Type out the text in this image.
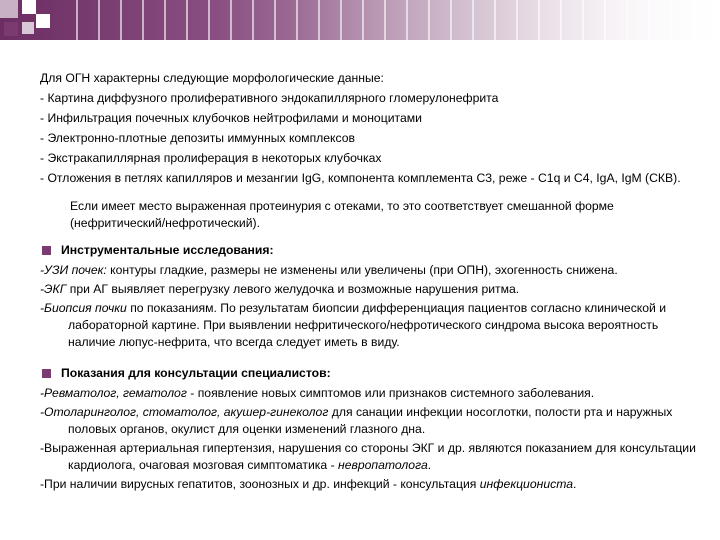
Для ОГН характерны следующие морфологические данные:
- Картина диффузного пролиферативного эндокапиллярного гломерулонефрита
- Инфильтрация почечных клубочков нейтрофилами и моноцитами
- Электронно-плотные депозиты иммунных комплексов
- Экстракапиллярная пролиферация в некоторых клубочках
- Отложения в петлях капилляров и мезангии IgG, компонента комплемента С3, реже - С1q и С4, IgA, IgM (СКВ).
Если имеет место выраженная протеинурия с отеками, то это соответствует смешанной форме (нефритический/нефротический).
Инструментальные исследования:
-УЗИ почек: контуры гладкие, размеры не изменены или увеличены (при ОПН), эхогенность снижена.
-ЭКГ при АГ выявляет перегрузку левого желудочка и возможные нарушения ритма.
-Биопсия почки по показаниям. По результатам биопсии дифференциация пациентов согласно клинической и лабораторной картине. При выявлении нефритического/нефротического синдрома высока вероятность наличие люпус-нефрита, что всегда следует иметь в виду.
Показания для консультации специалистов:
-Ревматолог, гематолог - появление новых симптомов или признаков системного заболевания.
-Отоларинголог, стоматолог, акушер-гинеколог для санации инфекции носоглотки, полости рта и наружных половых органов, окулист для оценки изменений глазного дна.
-Выраженная артериальная гипертензия, нарушения со стороны ЭКГ и др. являются показанием для консультации кардиолога, очаговая мозговая симптоматика - невропатолога.
-При наличии вирусных гепатитов, зоонозных и др. инфекций - консультация инфекциониста.
